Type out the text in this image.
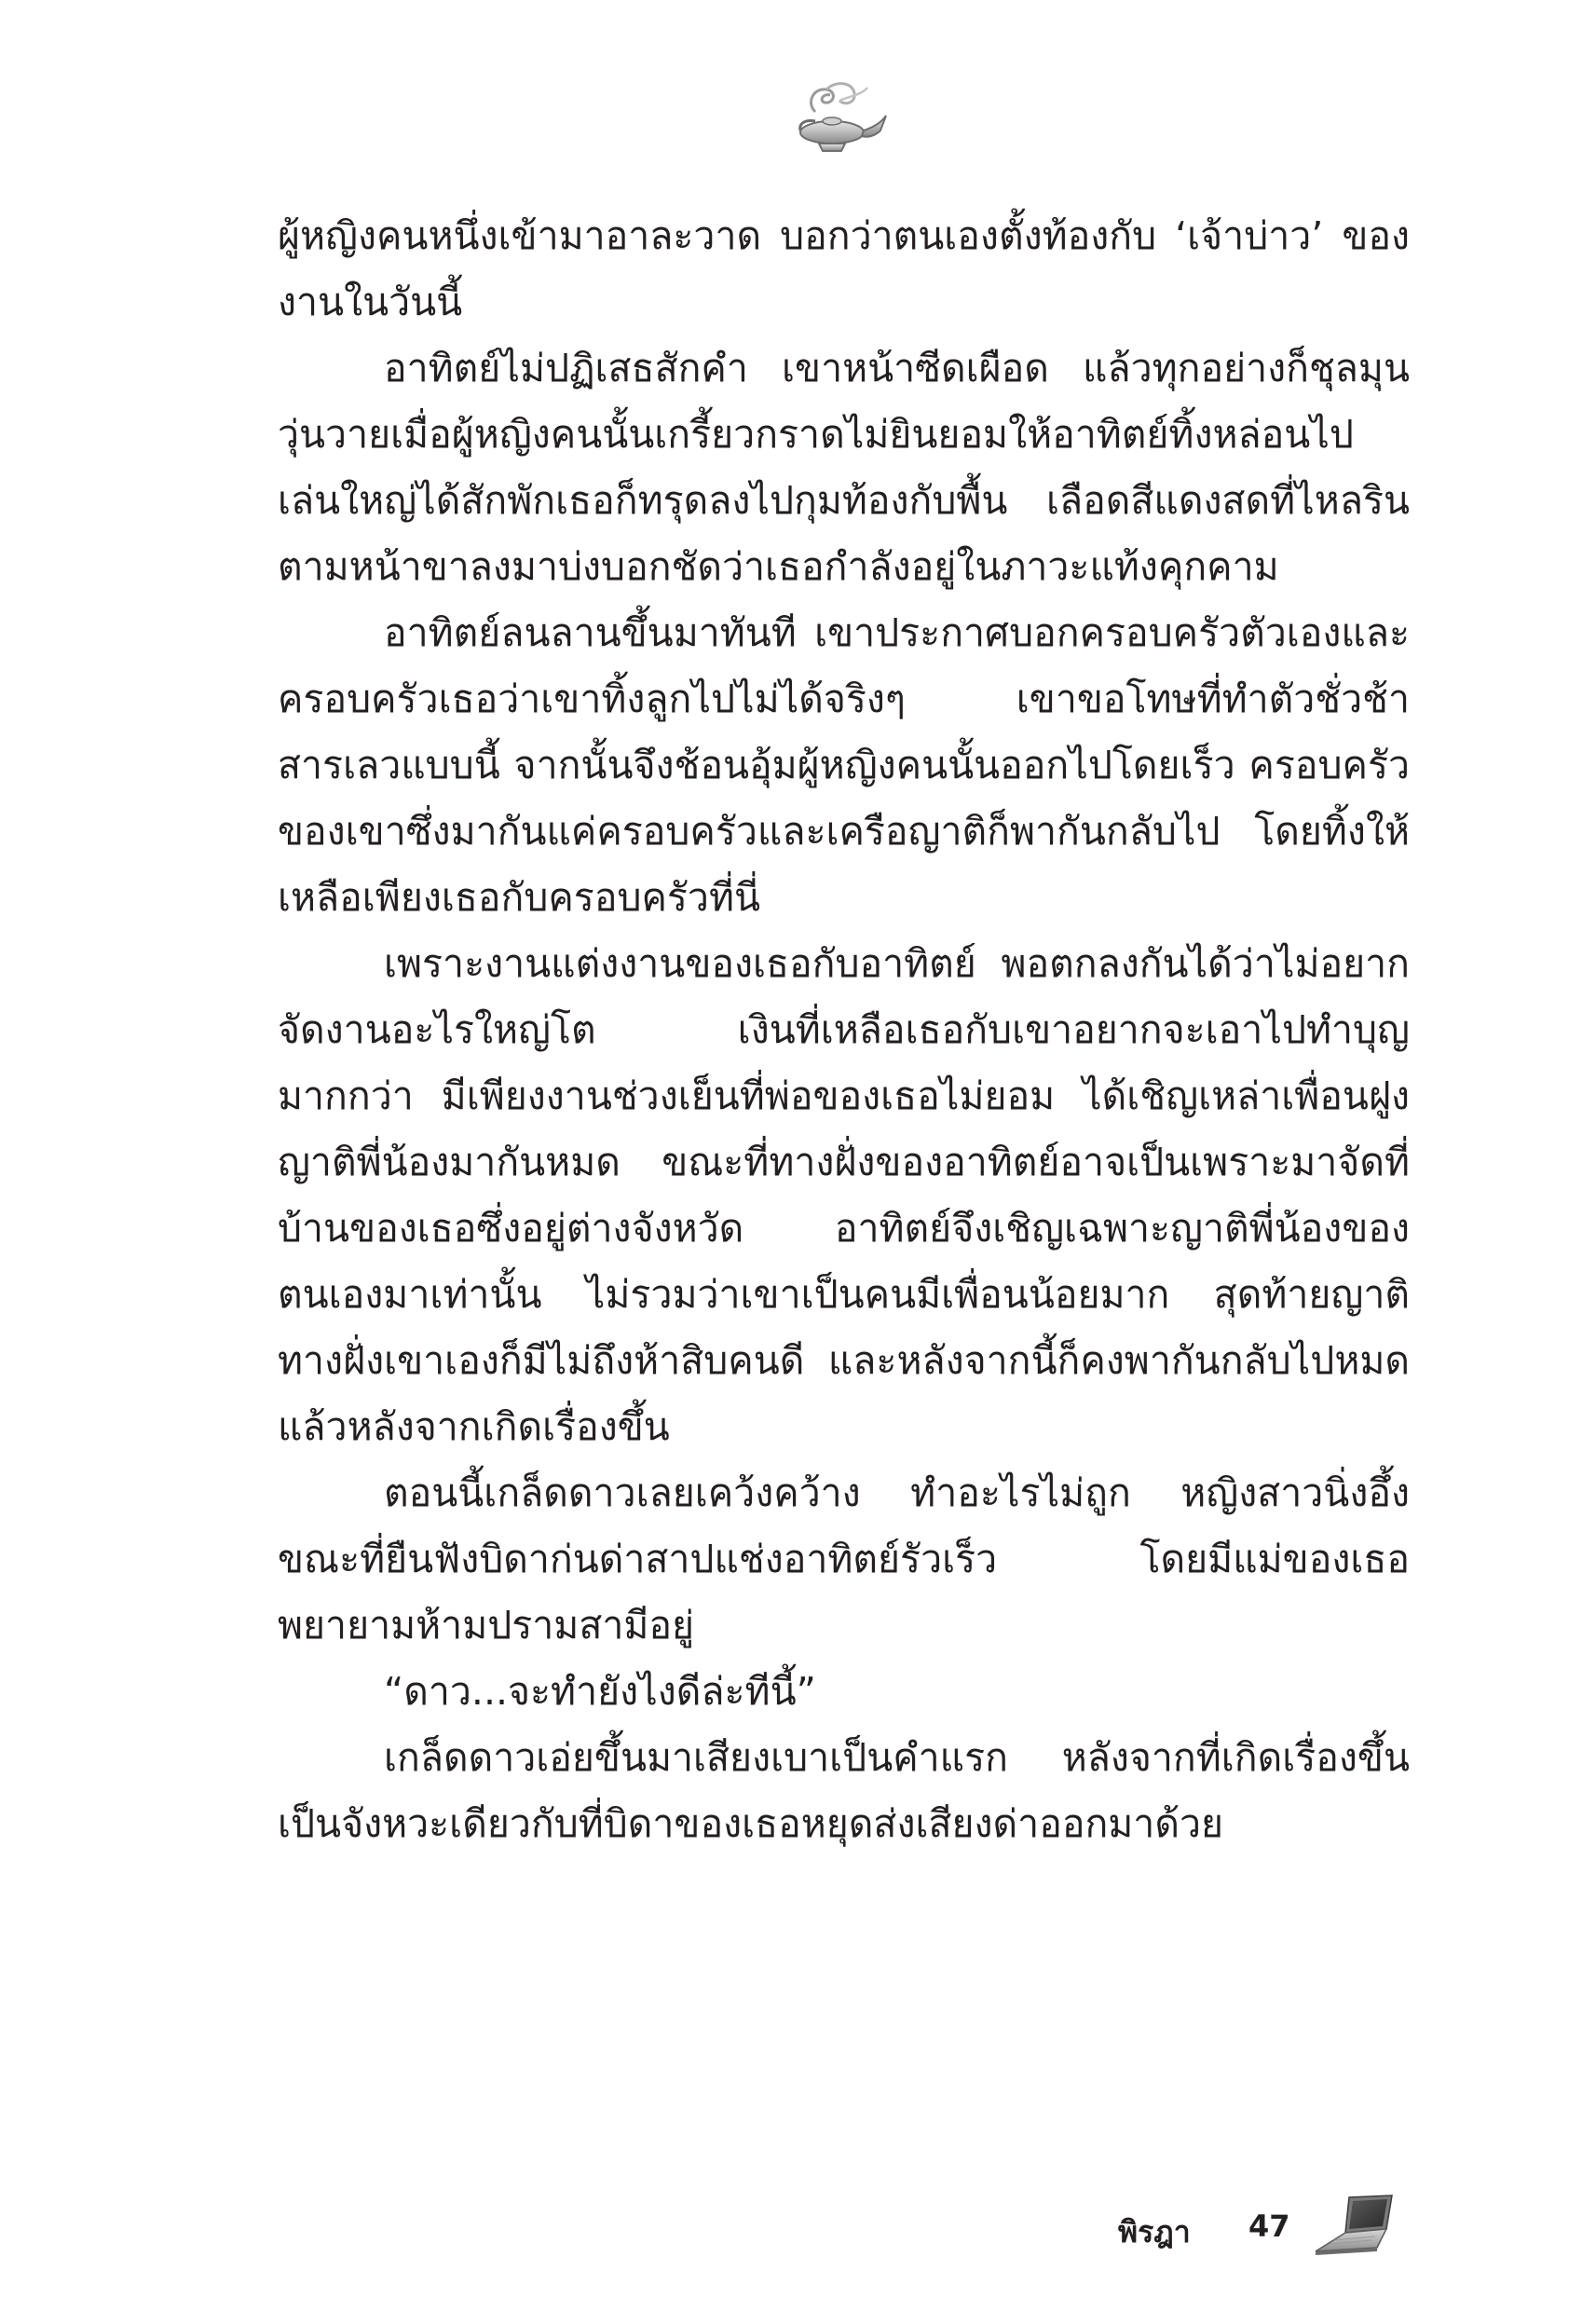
ผู้หญิงคนหนึ่งเข้ามาอาละวาด บอกว่าตนเองตั้งท้องกับ ‘เจ้าบ่าว’ ของงานในวันนี้

อาทิตย์ไม่ปฏิเสธสักคำ เขาหน้าซีดเผือด แล้วทุกอย่างก็ชุลมุนวุ่นวายเมื่อผู้หญิงคนนั้นเกรี้ยวกราดไม่ยินยอมให้อาทิตย์ทิ้งหล่อนไป เล่นใหญ่ได้สักพักเธอก็ทรุดลงไปกุมท้องกับพื้น เลือดสีแดงสดที่ไหลรินตามหน้าขาลงมาบ่งบอกชัดว่าเธอกำลังอยู่ในภาวะแท้งคุกคาม

อาทิตย์ลนลานขึ้นมาทันที เขาประกาศบอกครอบครัวตัวเองและครอบครัวเธอว่าเขาทิ้งลูกไปไม่ได้จริงๆ เขาขอโทษที่ทำตัวชั่วช้าสารเลวแบบนี้ จากนั้นจึงช้อนอุ้มผู้หญิงคนนั้นออกไปโดยเร็ว ครอบครัวของเขาซึ่งมากันแค่ครอบครัวและเครือญาติก็พากันกลับไป โดยทิ้งให้เหลือเพียงเธอกับครอบครัวที่นี่

เพราะงานแต่งงานของเธอกับอาทิตย์ พอตกลงกันได้ว่าไม่อยากจัดงานอะไรใหญ่โต เงินที่เหลือเธอกับเขาอยากจะเอาไปทำบุญมากกว่า มีเพียงงานช่วงเย็นที่พ่อของเธอไม่ยอม ได้เชิญเหล่าเพื่อนฝูงญาติพี่น้องมากันหมด ขณะที่ทางฝั่งของอาทิตย์อาจเป็นเพราะมาจัดที่บ้านของเธอซึ่งอยู่ต่างจังหวัด อาทิตย์จึงเชิญเฉพาะญาติพี่น้องของตนเองมาเท่านั้น ไม่รวมว่าเขาเป็นคนมีเพื่อนน้อยมาก สุดท้ายญาติทางฝั่งเขาเองก็มีไม่ถึงห้าสิบคนดี และหลังจากนี้ก็คงพากันกลับไปหมดแล้วหลังจากเกิดเรื่องขึ้น

ตอนนี้เกล็ดดาวเลยเคว้งคว้าง ทำอะไรไม่ถูก หญิงสาวนิ่งอึ้งขณะที่ยืนฟังบิดาก่นด่าสาปแช่งอาทิตย์รัวเร็ว โดยมีแม่ของเธอพยายามห้ามปรามสามีอยู่

“ดาว...จะทำยังไงดีล่ะทีนี้”

เกล็ดดาวเอ่ยขึ้นมาเสียงเบาเป็นคำแรก หลังจากที่เกิดเรื่องขึ้นเป็นจังหวะเดียวกับที่บิดาของเธอหยุดส่งเสียงด่าออกมาด้วย

พิรฎา 47
